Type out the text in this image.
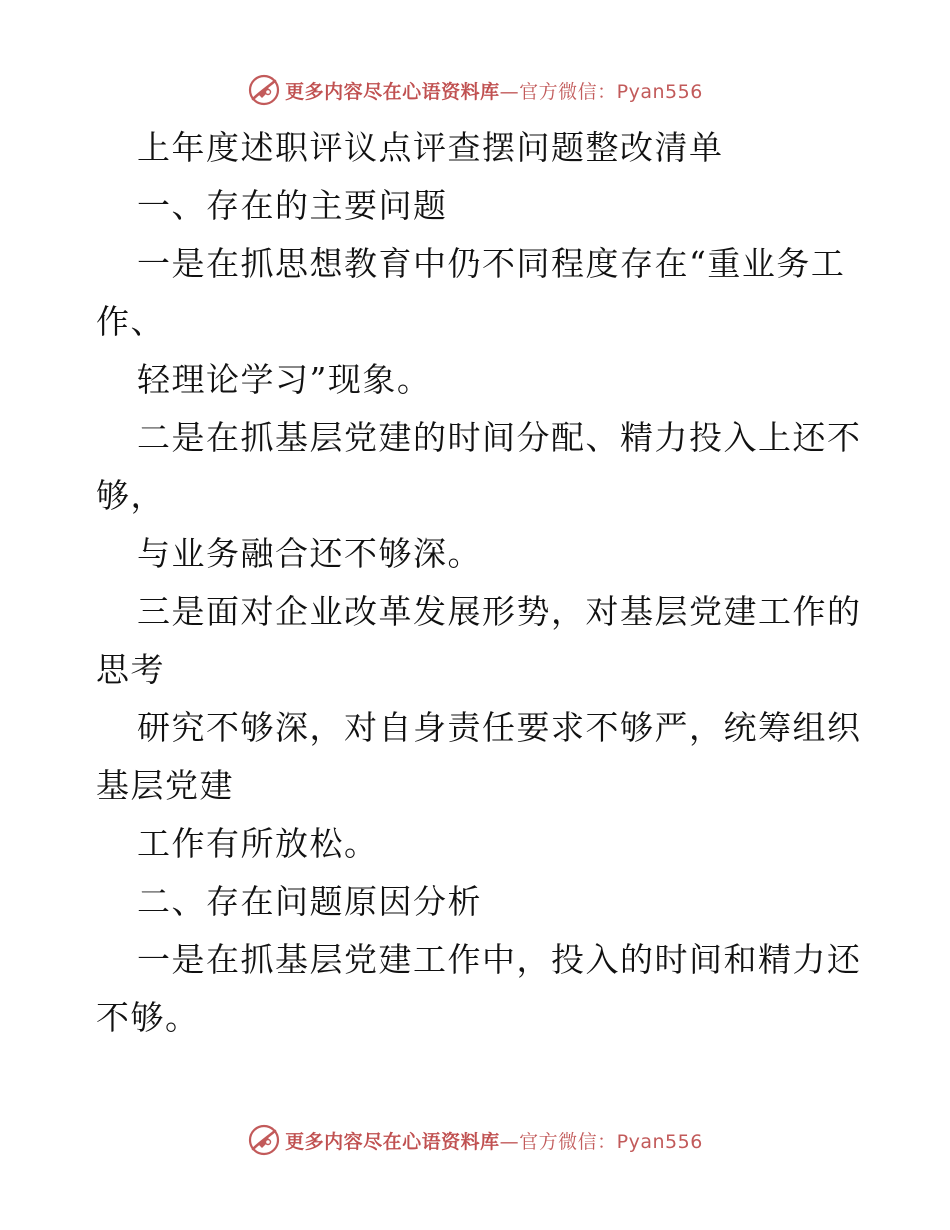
更多内容尽在心语资料库—官方微信：Pyan556
上年度述职评议点评查摆问题整改清单
一、存在的主要问题
一是在抓思想教育中仍不同程度存在“重业务工
作、
轻理论学习”现象。
二是在抓基层党建的时间分配、精力投入上还不
够，
与业务融合还不够深。
三是面对企业改革发展形势，对基层党建工作的
思考
研究不够深，对自身责任要求不够严，统筹组织
基层党建
工作有所放松。
二、存在问题原因分析
一是在抓基层党建工作中，投入的时间和精力还
不够。
更多内容尽在心语资料库—官方微信：Pyan556
